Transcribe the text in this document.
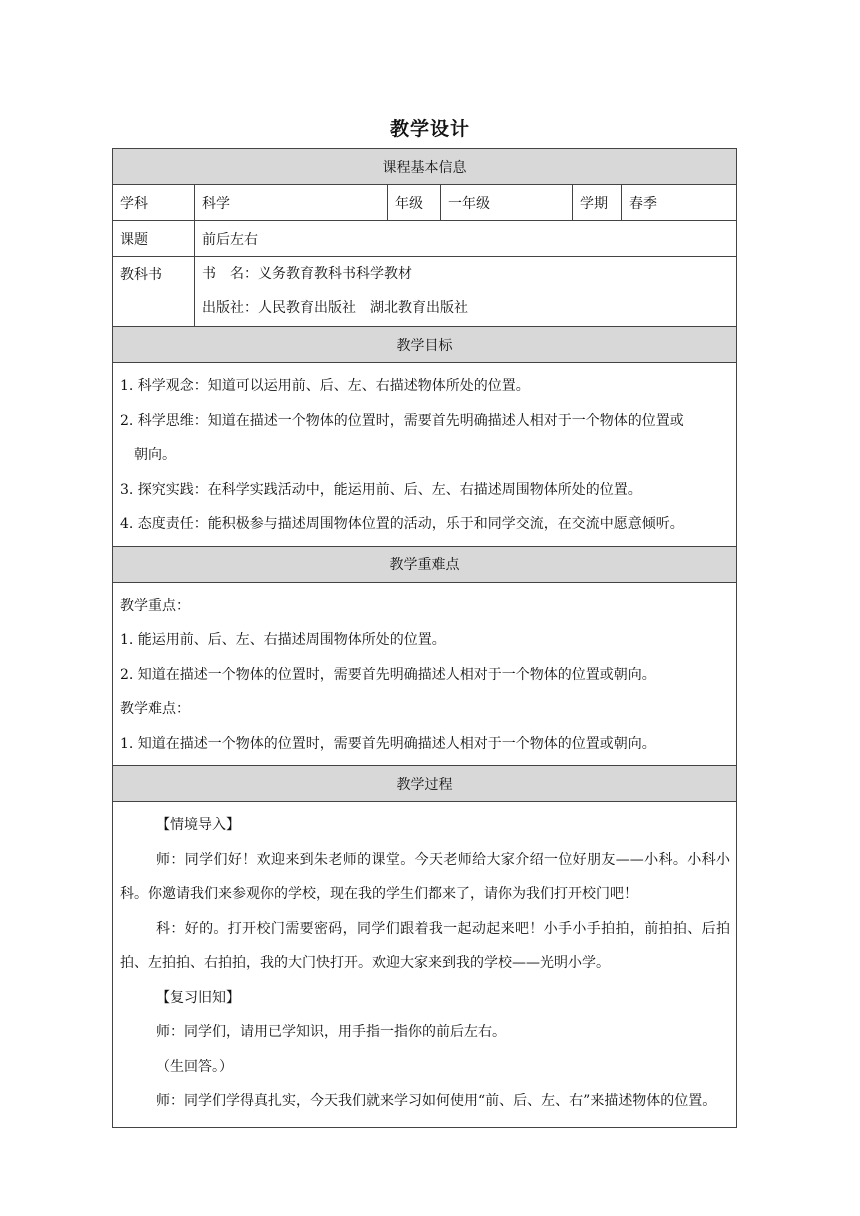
教学设计
课程基本信息
学科	科学	年级	一年级	学期	春季
课题	前后左右
教科书	书　名：义务教育教科书科学教材
出版社：人民教育出版社　湖北教育出版社
教学目标
1. 科学观念：知道可以运用前、后、左、右描述物体所处的位置。
2. 科学思维：知道在描述一个物体的位置时，需要首先明确描述人相对于一个物体的位置或
朝向。
3. 探究实践：在科学实践活动中，能运用前、后、左、右描述周围物体所处的位置。
4. 态度责任：能积极参与描述周围物体位置的活动，乐于和同学交流，在交流中愿意倾听。
教学重难点
教学重点：
1. 能运用前、后、左、右描述周围物体所处的位置。
2. 知道在描述一个物体的位置时，需要首先明确描述人相对于一个物体的位置或朝向。
教学难点：
1. 知道在描述一个物体的位置时，需要首先明确描述人相对于一个物体的位置或朝向。
教学过程
【情境导入】
师：同学们好！欢迎来到朱老师的课堂。今天老师给大家介绍一位好朋友——小科。小科小科。你邀请我们来参观你的学校，现在我的学生们都来了，请你为我们打开校门吧！
科：好的。打开校门需要密码，同学们跟着我一起动起来吧！小手小手拍拍，前拍拍、后拍拍、左拍拍、右拍拍，我的大门快打开。欢迎大家来到我的学校——光明小学。
【复习旧知】
师：同学们，请用已学知识，用手指一指你的前后左右。
（生回答。）
师：同学们学得真扎实，今天我们就来学习如何使用“前、后、左、右”来描述物体的位置。
